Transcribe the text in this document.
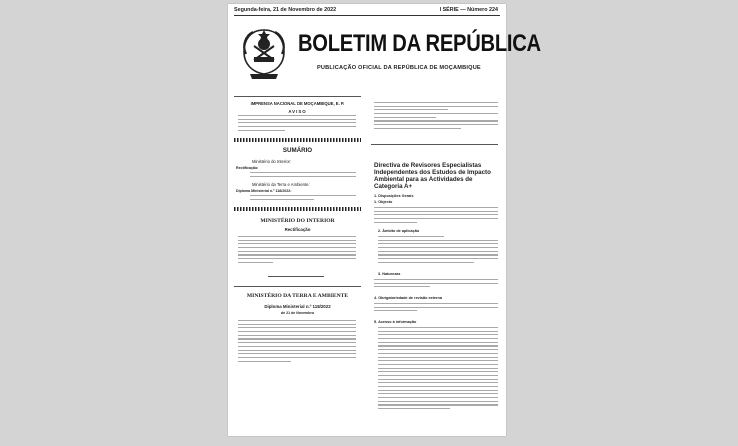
Segunda-feira, 21 de Novembro de 2022	I SÉRIE — Número 224
BOLETIM DA REPÚBLICA
PUBLICAÇÃO OFICIAL DA REPÚBLICA DE MOÇAMBIQUE
IMPRENSA NACIONAL DE MOÇAMBIQUE, E. P.
AVISO
SUMÁRIO
Ministério do Interior:
Rectificação:
Ministério da Terra e Ambiente:
Diploma Ministerial n.º 118/2022:
MINISTÉRIO DO INTERIOR
Rectificação
MINISTÉRIO DA TERRA E AMBIENTE
Diploma Ministerial n.º 118/2022
de 21 de Novembro
Directiva de Revisores Especialistas Independentes dos Estudos de Impacto Ambiental para as Actividades de Categoria A+
1. Disposições Gerais
1. Objecto
2. Âmbito de aplicação
3. Naturezas
4. Obrigatoriedade de revisão externa
5. Acesso à informação
